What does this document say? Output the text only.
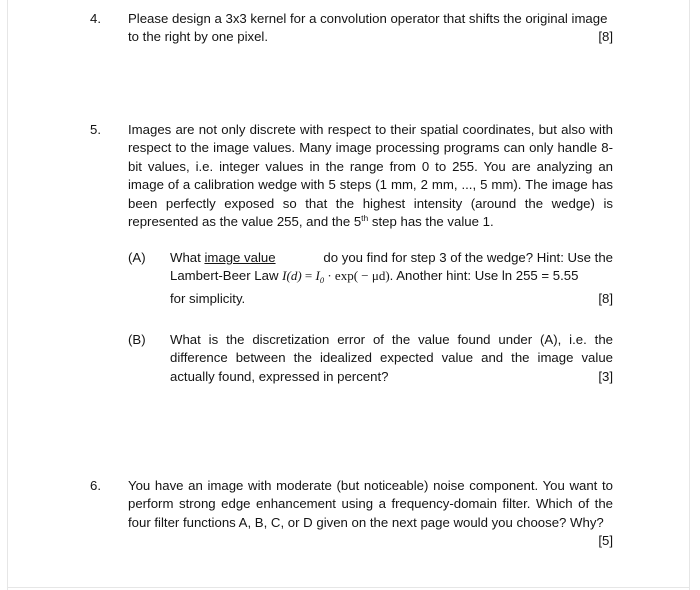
4. Please design a 3x3 kernel for a convolution operator that shifts the original image
to the right by one pixel.	[8]
5. Images are not only discrete with respect to their spatial coordinates, but also with respect to the image values. Many image processing programs can only handle 8-bit values, i.e. integer values in the range from 0 to 255. You are analyzing an image of a calibration wedge with 5 steps (1 mm, 2 mm, ..., 5 mm). The image has been perfectly exposed so that the highest intensity (around the wedge) is represented as the value 255, and the 5th step has the value 1.
(A) What image value	do you find for step 3 of the wedge? Hint: Use the
Lambert-Beer Law $I(d) = I_0 \cdot \exp( - \mu d)$. Another hint: Use ln 255 = 5.55
for simplicity.	[8]
(B) What is the discretization error of the value found under (A), i.e. the difference between the idealized expected value and the image value actually found, expressed in percent?	[3]
6. You have an image with moderate (but noticeable) noise component. You want to perform strong edge enhancement using a frequency-domain filter. Which of the four filter functions A, B, C, or D given on the next page would you choose? Why?
[5]
